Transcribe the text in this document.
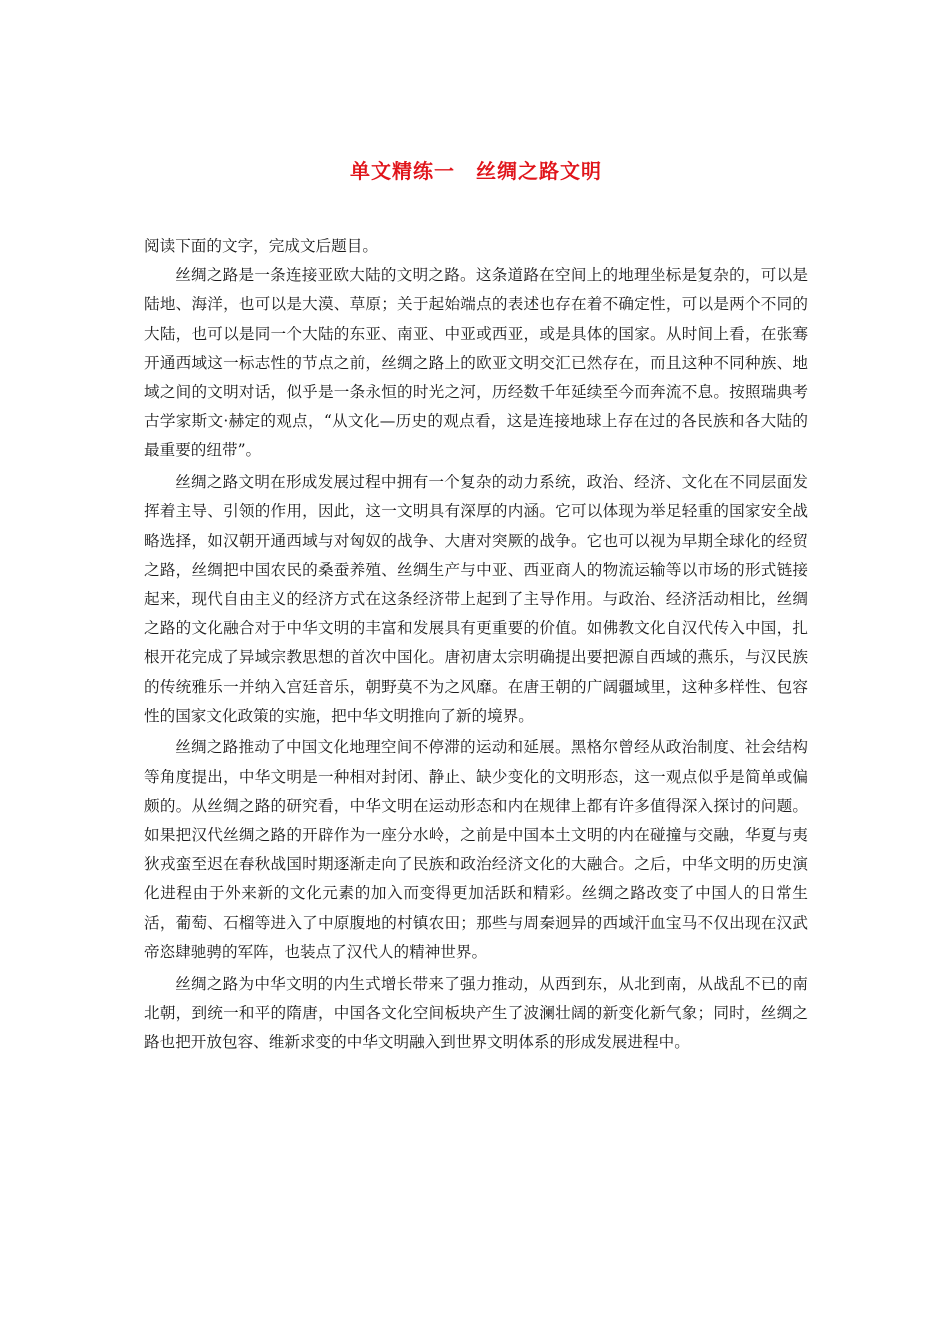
单文精练一　丝绸之路文明

阅读下面的文字，完成文后题目。

丝绸之路是一条连接亚欧大陆的文明之路。这条道路在空间上的地理坐标是复杂的，可以是陆地、海洋，也可以是大漠、草原；关于起始端点的表述也存在着不确定性，可以是两个不同的大陆，也可以是同一个大陆的东亚、南亚、中亚或西亚，或是具体的国家。从时间上看，在张骞开通西域这一标志性的节点之前，丝绸之路上的欧亚文明交汇已然存在，而且这种不同种族、地域之间的文明对话，似乎是一条永恒的时光之河，历经数千年延续至今而奔流不息。按照瑞典考古学家斯文·赫定的观点，“从文化—历史的观点看，这是连接地球上存在过的各民族和各大陆的最重要的纽带”。

丝绸之路文明在形成发展过程中拥有一个复杂的动力系统，政治、经济、文化在不同层面发挥着主导、引领的作用，因此，这一文明具有深厚的内涵。它可以体现为举足轻重的国家安全战略选择，如汉朝开通西域与对匈奴的战争、大唐对突厥的战争。它也可以视为早期全球化的经贸之路，丝绸把中国农民的桑蚕养殖、丝绸生产与中亚、西亚商人的物流运输等以市场的形式链接起来，现代自由主义的经济方式在这条经济带上起到了主导作用。与政治、经济活动相比，丝绸之路的文化融合对于中华文明的丰富和发展具有更重要的价值。如佛教文化自汉代传入中国，扎根开花完成了异域宗教思想的首次中国化。唐初唐太宗明确提出要把源自西域的燕乐，与汉民族的传统雅乐一并纳入宫廷音乐，朝野莫不为之风靡。在唐王朝的广阔疆域里，这种多样性、包容性的国家文化政策的实施，把中华文明推向了新的境界。

丝绸之路推动了中国文化地理空间不停滞的运动和延展。黑格尔曾经从政治制度、社会结构等角度提出，中华文明是一种相对封闭、静止、缺少变化的文明形态，这一观点似乎是简单或偏颇的。从丝绸之路的研究看，中华文明在运动形态和内在规律上都有许多值得深入探讨的问题。如果把汉代丝绸之路的开辟作为一座分水岭，之前是中国本土文明的内在碰撞与交融，华夏与夷狄戎蛮至迟在春秋战国时期逐渐走向了民族和政治经济文化的大融合。之后，中华文明的历史演化进程由于外来新的文化元素的加入而变得更加活跃和精彩。丝绸之路改变了中国人的日常生活，葡萄、石榴等进入了中原腹地的村镇农田；那些与周秦迥异的西域汗血宝马不仅出现在汉武帝恣肆驰骋的军阵，也装点了汉代人的精神世界。

丝绸之路为中华文明的内生式增长带来了强力推动，从西到东，从北到南，从战乱不已的南北朝，到统一和平的隋唐，中国各文化空间板块产生了波澜壮阔的新变化新气象；同时，丝绸之路也把开放包容、维新求变的中华文明融入到世界文明体系的形成发展进程中。
